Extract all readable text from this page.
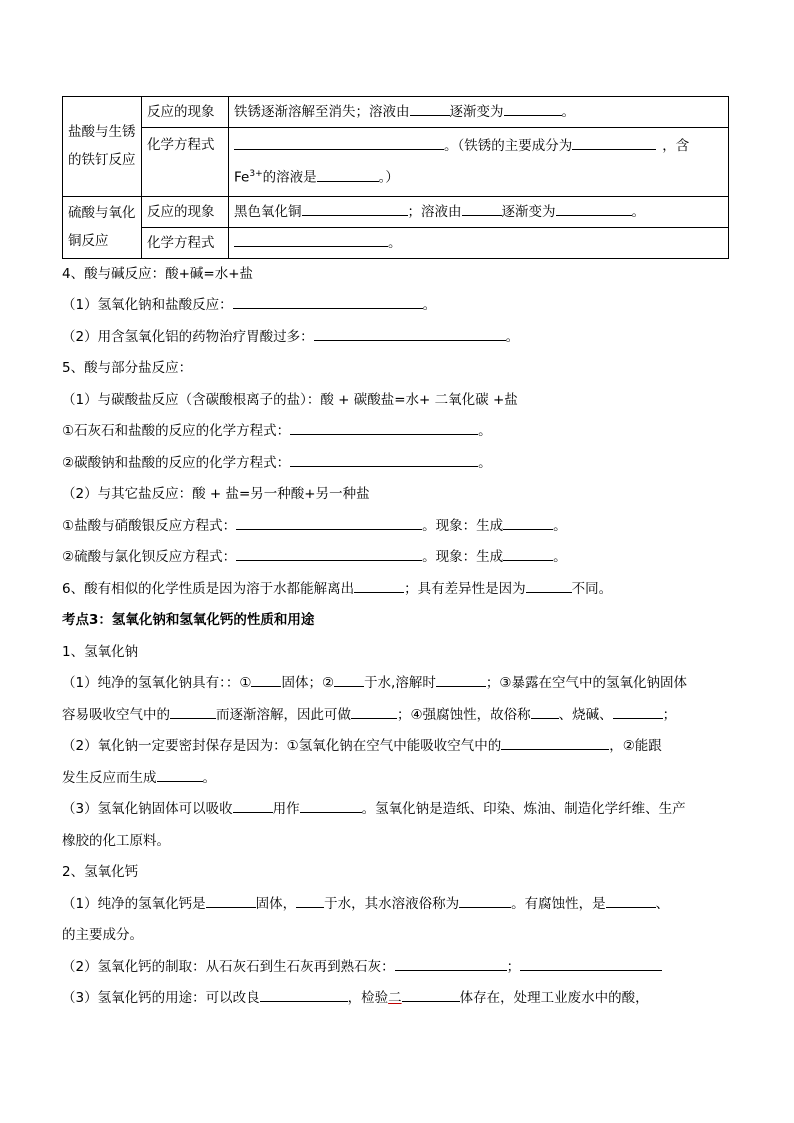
盐酸与生锈的铁钉反应	反应的现象	铁锈逐渐溶解至消失；溶液由 逐渐变为 。
	化学方程式	。（铁锈的主要成分为 ，含
$Fe^{3+}$的溶液是 。）
硫酸与氧化铜反应	反应的现象	黑色氧化铜 ；溶液由 逐渐变为 。
	化学方程式	。
4、酸与碱反应：酸+碱=水+盐
（1）氢氧化钠和盐酸反应：	。
（2）用含氢氧化铝的药物治疗胃酸过多：	。
5、酸与部分盐反应：
（1）与碳酸盐反应（含碳酸根离子的盐）：酸 + 碳酸盐=水+ 二氧化碳 +盐
①石灰石和盐酸的反应的化学方程式：	。
②碳酸钠和盐酸的反应的化学方程式：	。
（2）与其它盐反应：酸 + 盐=另一种酸+另一种盐
①盐酸与硝酸银反应方程式：	。现象：生成	。
②硫酸与氯化钡反应方程式：	。现象：生成	。
6、酸有相似的化学性质是因为溶于水都能解离出	；具有差异性是因为	不同。
考点3：氢氧化钠和氢氧化钙的性质和用途
1、氢氧化钠
（1）纯净的氢氧化钠具有：：① 固体；② 于水,溶解时	；③暴露在空气中的氢氧化钠固体
容易吸收空气中的	而逐渐溶解，因此可做	；④强腐蚀性，故俗称 、烧碱、	；
（2）氧化钠一定要密封保存是因为：①氢氧化钠在空气中能吸收空气中的	，②能跟
发生反应而生成	。
（3）氢氧化钠固体可以吸收	用作	。氢氧化钠是造纸、印染、炼油、制造化学纤维、生产
橡胶的化工原料。
2、氢氧化钙
（1）纯净的氢氧化钙是	固体， 于水，其水溶液俗称为	。有腐蚀性，是	、
的主要成分。
（2）氢氧化钙的制取：从石灰石到生石灰再到熟石灰：	；
（3）氢氧化钙的用途：可以改良	，检验二	体存在，处理工业废水中的酸，
